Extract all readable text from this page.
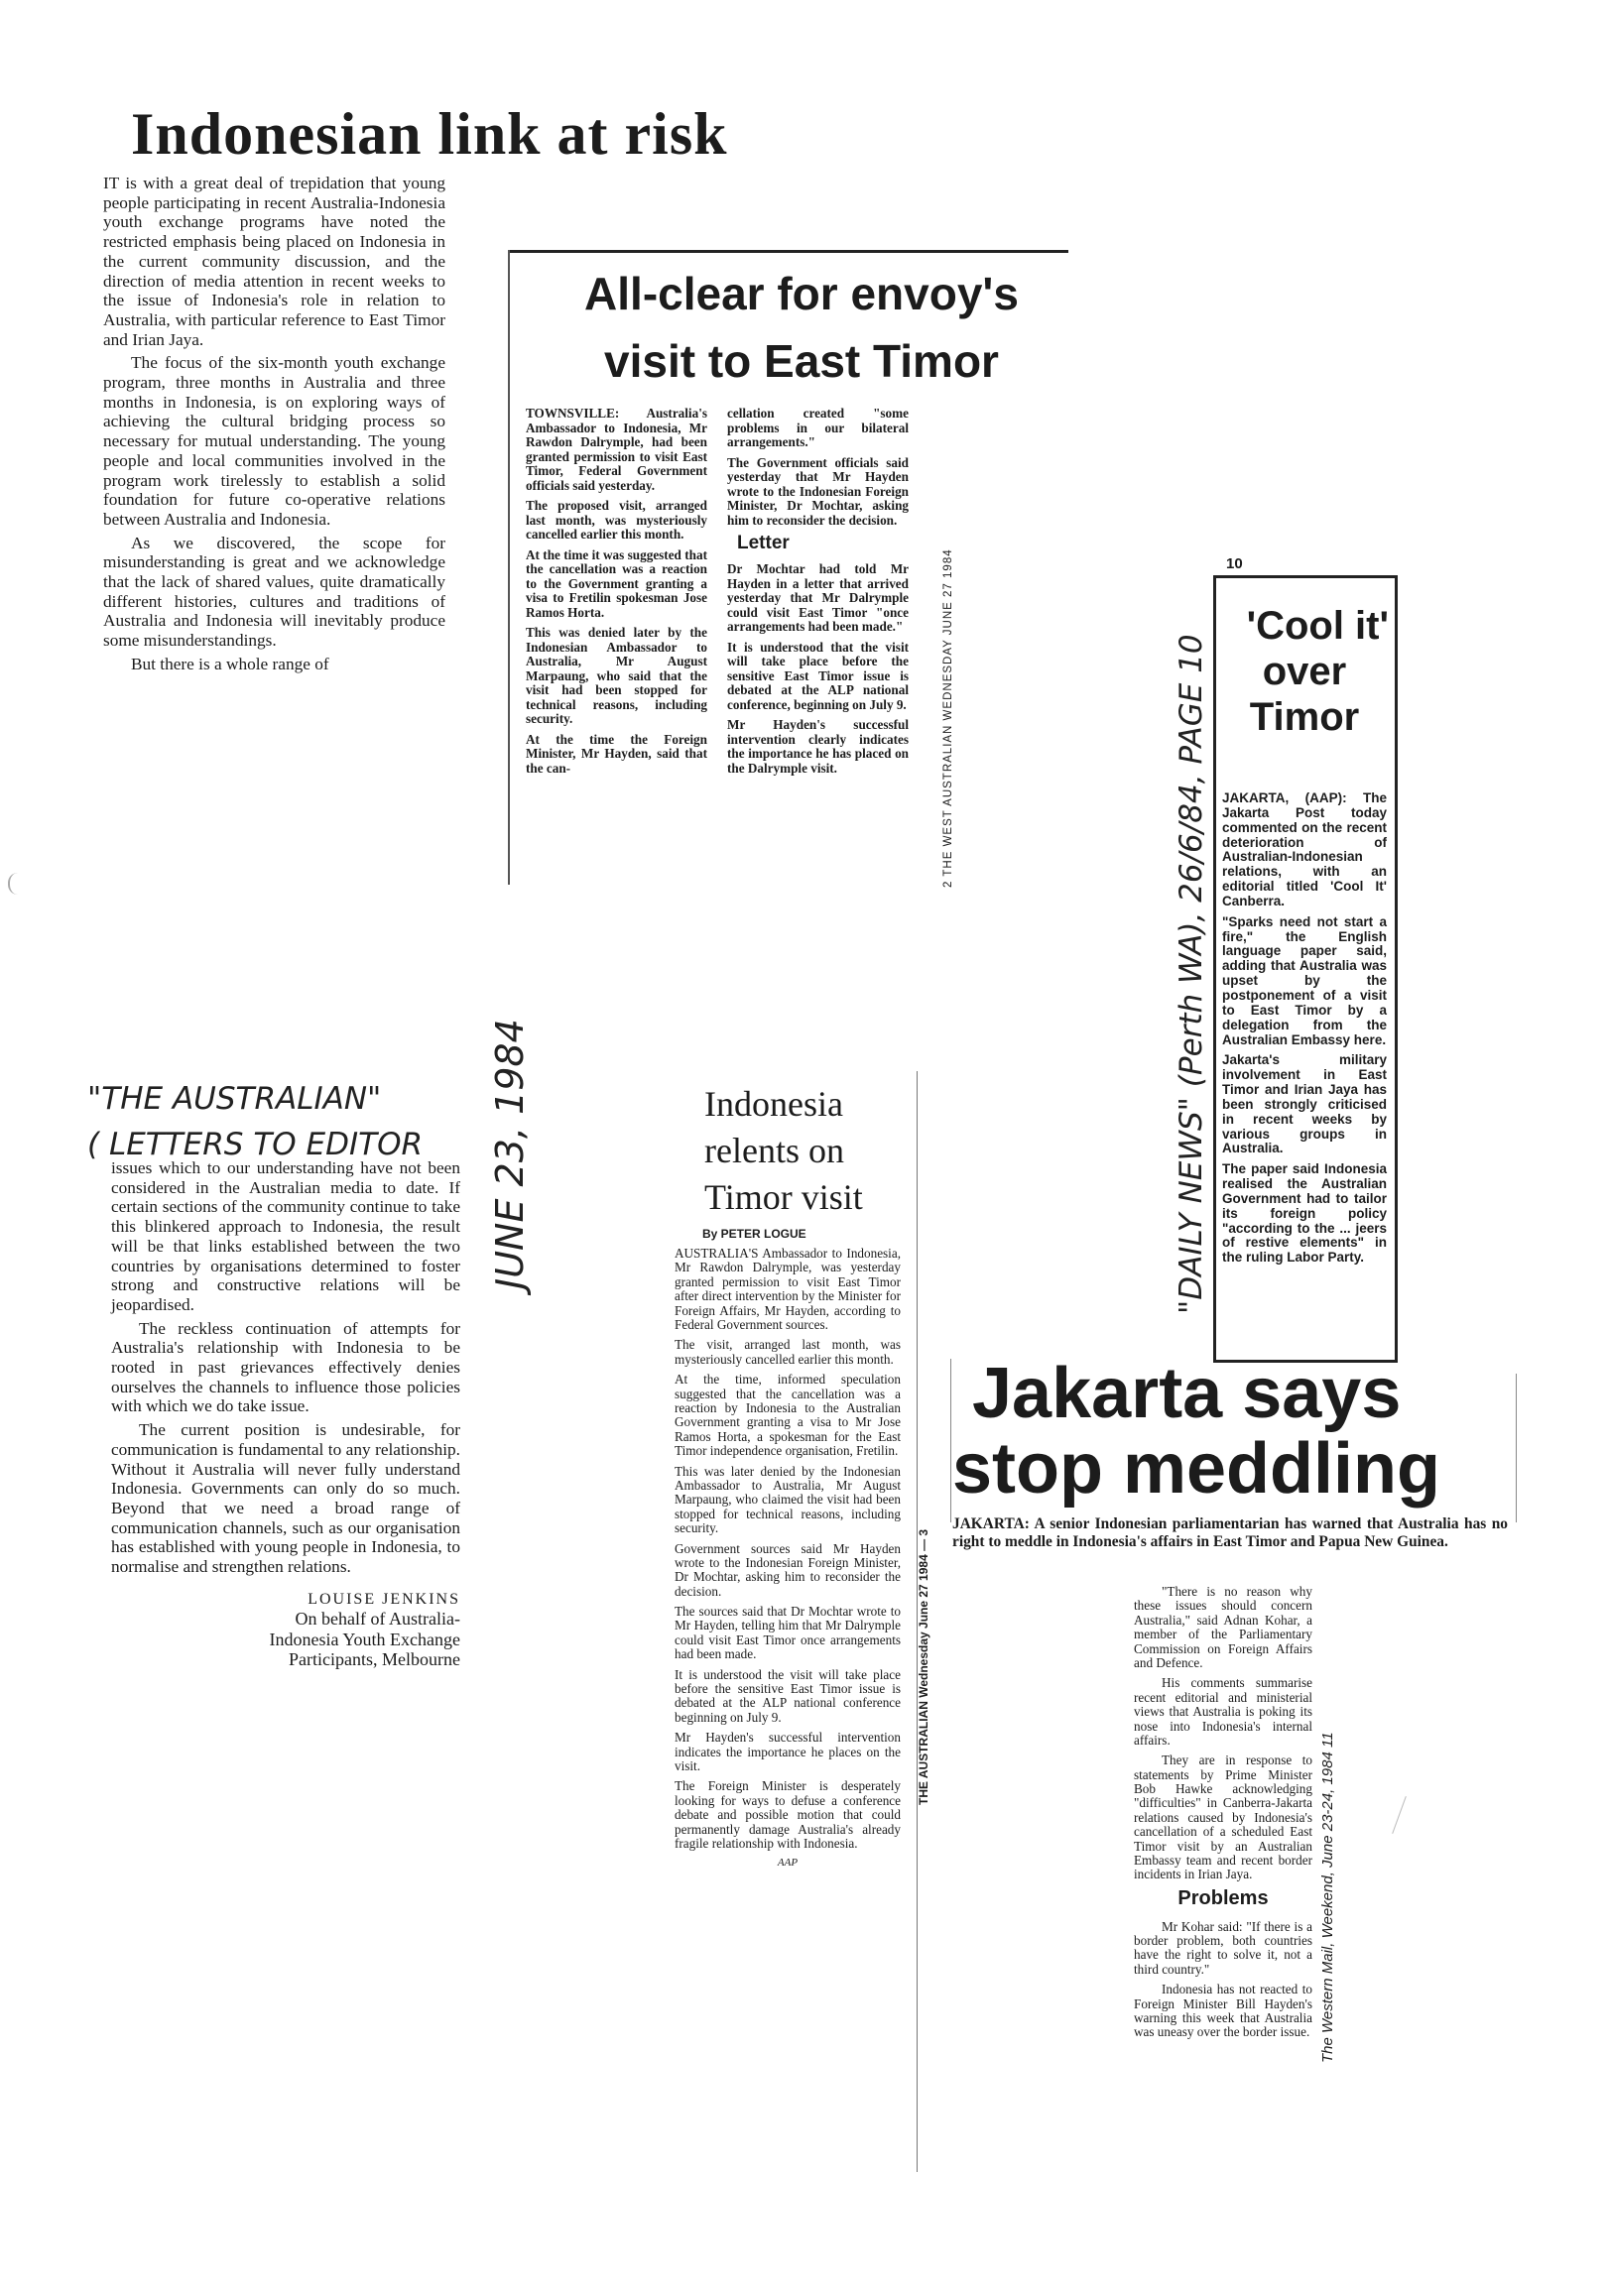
Indonesian link at risk

IT is with a great deal of trepidation that young people participating in recent Australia-Indonesia youth exchange programs have noted the restricted emphasis being placed on Indonesia in the current community discussion, and the direction of media attention in recent weeks to the issue of Indonesia's role in relation to Australia, with particular reference to East Timor and Irian Jaya.

The focus of the six-month youth exchange program, three months in Australia and three months in Indonesia, is on exploring ways of achieving the cultural bridging process so necessary for mutual understanding. The young people and local communities involved in the program work tirelessly to establish a solid foundation for future co-operative relations between Australia and Indonesia.

As we discovered, the scope for misunderstanding is great and we acknowledge that the lack of shared values, quite dramatically different histories, cultures and traditions of Australia and Indonesia will inevitably produce some misunderstandings.

But there is a whole range of

"THE AUSTRALIAN"
( LETTERS TO EDITOR	JUNE 23, 1984

issues which to our understanding have not been considered in the Australian media to date. If certain sections of the community continue to take this blinkered approach to Indonesia, the result will be that links established between the two countries by organisations determined to foster strong and constructive relations will be jeopardised.

The reckless continuation of attempts for Australia's relationship with Indonesia to be rooted in past grievances effectively denies ourselves the channels to influence those policies with which we do take issue.

The current position is undesirable, for communication is fundamental to any relationship. Without it Australia will never fully understand Indonesia. Governments can only do so much. Beyond that we need a broad range of communication channels, such as our organisation has established with young people in Indonesia, to normalise and strengthen relations.

LOUISE JENKINS
On behalf of Australia-
Indonesia Youth Exchange
Participants, Melbourne
All-clear for envoy's
visit to East Timor

TOWNSVILLE: Australia's Ambassador to Indonesia, Mr Rawdon Dalrymple, had been granted permission to visit East Timor, Federal Government officials said yesterday.

The proposed visit, arranged last month, was mysteriously cancelled earlier this month.

At the time it was suggested that the cancellation was a reaction to the Government granting a visa to Fretilin spokesman Jose Ramos Horta.

This was denied later by the Indonesian Ambassador to Australia, Mr August Marpaung, who said that the visit had been stopped for technical reasons, including security.

At the time the Foreign Minister, Mr Hayden, said that the can-

cellation created "some problems in our bilateral arrangements."

The Government officials said yesterday that Mr Hayden wrote to the Indonesian Foreign Minister, Dr Mochtar, asking him to reconsider the decision.

Letter

Dr Mochtar had told Mr Hayden in a letter that arrived yesterday that Mr Dalrymple could visit East Timor "once arrangements had been made."

It is understood that the visit will take place before the sensitive East Timor issue is debated at the ALP national conference, beginning on July 9.

Mr Hayden's successful intervention clearly indicates the importance he has placed on the Dalrymple visit.	2 THE WEST AUSTRALIAN WEDNESDAY JUNE 27 1984
Indonesia
relents on
Timor visit
By PETER LOGUE

AUSTRALIA'S Ambassador to Indonesia, Mr Rawdon Dalrymple, was yesterday granted permission to visit East Timor after direct intervention by the Minister for Foreign Affairs, Mr Hayden, according to Federal Government sources.

The visit, arranged last month, was mysteriously cancelled earlier this month.

At the time, informed speculation suggested that the cancellation was a reaction by Indonesia to the Australian Government granting a visa to Mr Jose Ramos Horta, a spokesman for the East Timor independence organisation, Fretilin.

This was later denied by the Indonesian Ambassador to Australia, Mr August Marpaung, who claimed the visit had been stopped for technical reasons, including security.

Government sources said Mr Hayden wrote to the Indonesian Foreign Minister, Dr Mochtar, asking him to reconsider the decision.

The sources said that Dr Mochtar wrote to Mr Hayden, telling him that Mr Dalrymple could visit East Timor once arrangements had been made.

It is understood the visit will take place before the sensitive East Timor issue is debated at the ALP national conference beginning on July 9.

Mr Hayden's successful intervention indicates the importance he places on the visit.

The Foreign Minister is desperately looking for ways to defuse a conference debate and possible motion that could permanently damage Australia's already fragile relationship with Indonesia.

AAP
THE AUSTRALIAN Wednesday June 27 1984 — 3
"DAILY NEWS" (Perth WA), 26/6/84, PAGE 10
10
'Cool it'
over
Timor

JAKARTA, (AAP): The Jakarta Post today commented on the recent deterioration of Australian-Indonesian relations, with an editorial titled 'Cool It' Canberra.

"Sparks need not start a fire," the English language paper said, adding that Australia was upset by the postponement of a visit to East Timor by a delegation from the Australian Embassy here.

Jakarta's military involvement in East Timor and Irian Jaya has been strongly criticised in recent weeks by various groups in Australia.

The paper said Indonesia realised the Australian Government had to tailor its foreign policy "according to the ... jeers of restive elements" in the ruling Labor Party.

Jakarta says
stop meddling
JAKARTA: A senior Indonesian parliamentarian has warned that Australia has no right to meddle in Indonesia's affairs in East Timor and Papua New Guinea.

"There is no reason why these issues should concern Australia," said Adnan Kohar, a member of the Parliamentary Commission on Foreign Affairs and Defence.

His comments summarise recent editorial and ministerial views that Australia is poking its nose into Indonesia's internal affairs.

They are in response to statements by Prime Minister Bob Hawke acknowledging "difficulties" in Canberra-Jakarta relations caused by Indonesia's cancellation of a scheduled East Timor visit by an Australian Embassy team and recent border incidents in Irian Jaya.

Problems

Mr Kohar said: "If there is a border problem, both countries have the right to solve it, not a third country."

Indonesia has not reacted to Foreign Minister Bill Hayden's warning this week that Australia was uneasy over the border issue. The Western Mail, Weekend, June 23-24, 1984 11
